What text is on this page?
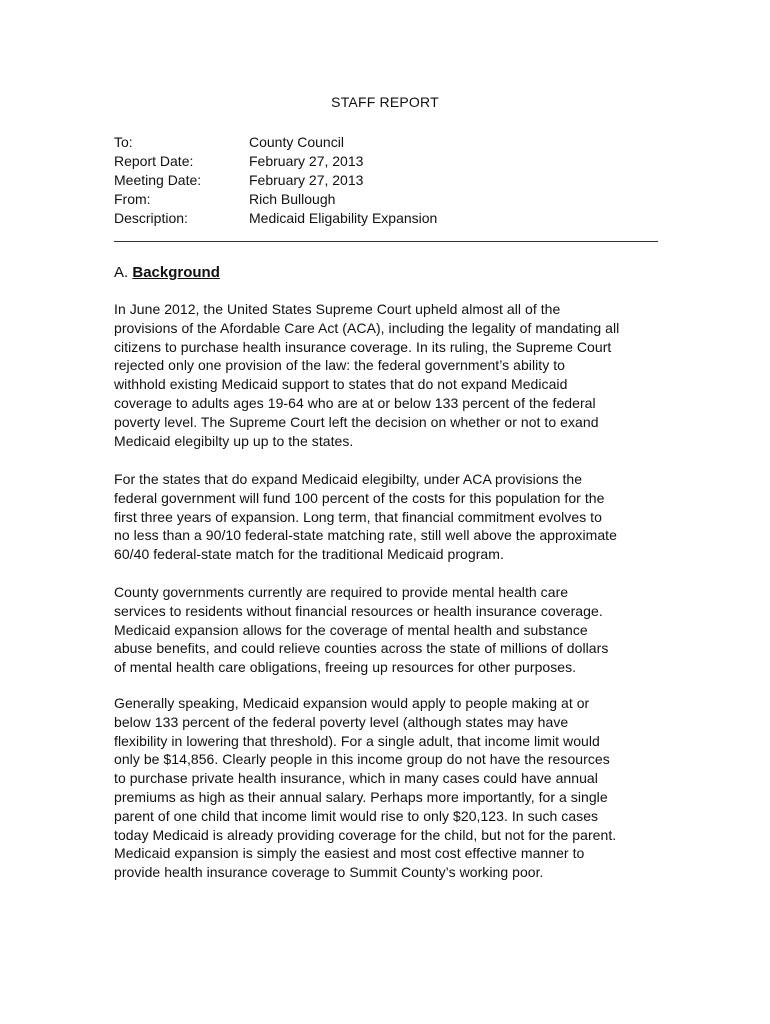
STAFF REPORT
To:	County Council
Report Date:	February 27, 2013
Meeting Date:	February 27, 2013
From:	Rich Bullough
Description:	Medicaid Eligability Expansion
A. Background
In June 2012, the United States Supreme Court upheld almost all of the
provisions of the Afordable Care Act (ACA), including the legality of mandating all
citizens to purchase health insurance coverage. In its ruling, the Supreme Court
rejected only one provision of the law: the federal government’s ability to
withhold existing Medicaid support to states that do not expand Medicaid
coverage to adults ages 19-64 who are at or below 133 percent of the federal
poverty level. The Supreme Court left the decision on whether or not to exand
Medicaid elegibilty up up to the states.
For the states that do expand Medicaid elegibilty, under ACA provisions the
federal government will fund 100 percent of the costs for this population for the
first three years of expansion. Long term, that financial commitment evolves to
no less than a 90/10 federal-state matching rate, still well above the approximate
60/40 federal-state match for the traditional Medicaid program.
County governments currently are required to provide mental health care
services to residents without financial resources or health insurance coverage.
Medicaid expansion allows for the coverage of mental health and substance
abuse benefits, and could relieve counties across the state of millions of dollars
of mental health care obligations, freeing up resources for other purposes.
Generally speaking, Medicaid expansion would apply to people making at or
below 133 percent of the federal poverty level (although states may have
flexibility in lowering that threshold). For a single adult, that income limit would
only be $14,856. Clearly people in this income group do not have the resources
to purchase private health insurance, which in many cases could have annual
premiums as high as their annual salary. Perhaps more importantly, for a single
parent of one child that income limit would rise to only $20,123. In such cases
today Medicaid is already providing coverage for the child, but not for the parent.
Medicaid expansion is simply the easiest and most cost effective manner to
provide health insurance coverage to Summit County’s working poor.
